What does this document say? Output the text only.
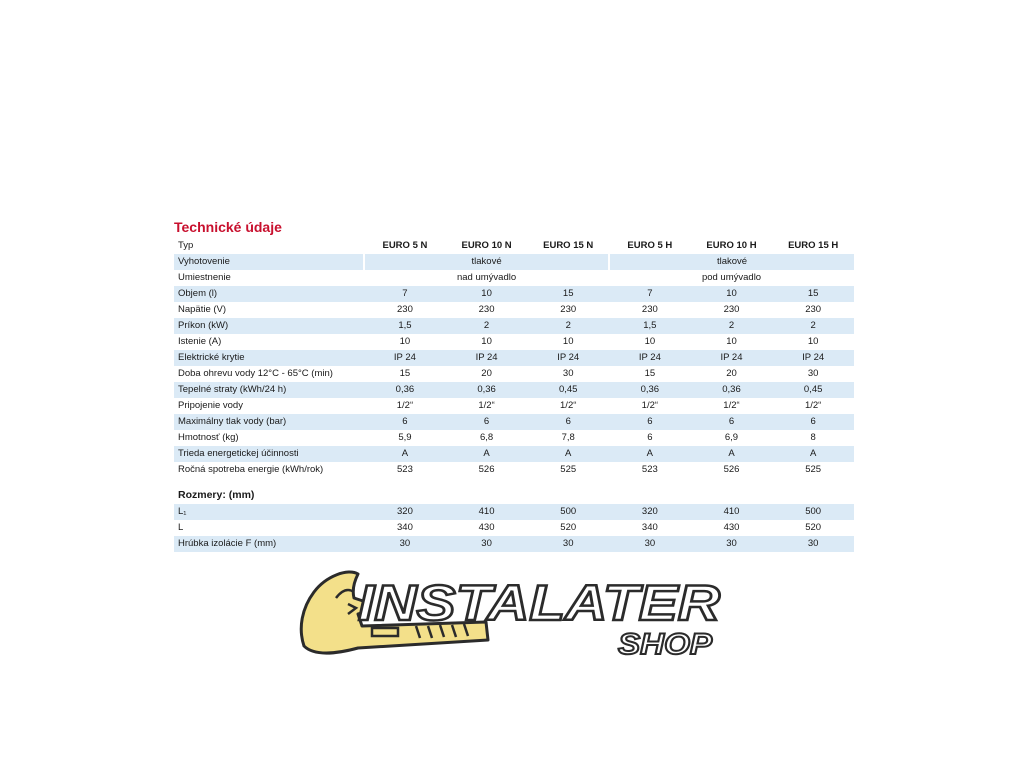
Technické údaje
Typ	EURO 5 N	EURO 10 N	EURO 15 N	EURO 5 H	EURO 10 H	EURO 15 H
Vyhotovenie	tlakové			tlakové		
Umiestnenie	nad umývadlo			pod umývadlo		
Objem (l)	7	10	15	7	10	15
Napätie (V)	230	230	230	230	230	230
Príkon (kW)	1,5	2	2	1,5	2	2
Istenie (A)	10	10	10	10	10	10
Elektrické krytie	IP 24	IP 24	IP 24	IP 24	IP 24	IP 24
Doba ohrevu vody 12°C - 65°C (min)	15	20	30	15	20	30
Tepelné straty (kWh/24 h)	0,36	0,36	0,45	0,36	0,36	0,45
Pripojenie vody	1/2“	1/2“	1/2“	1/2“	1/2“	1/2“
Maximálny tlak vody (bar)	6	6	6	6	6	6
Hmotnosť (kg)	5,9	6,8	7,8	6	6,9	8
Trieda energetickej účinnosti	A	A	A	A	A	A
Ročná spotreba energie (kWh/rok)	523	526	525	523	526	525
Rozmery: (mm)
L₁	320	410	500	320	410	500
L	340	430	520	340	430	520
Hrúbka izolácie F (mm)	30	30	30	30	30	30
INSTALATER
SHOP
